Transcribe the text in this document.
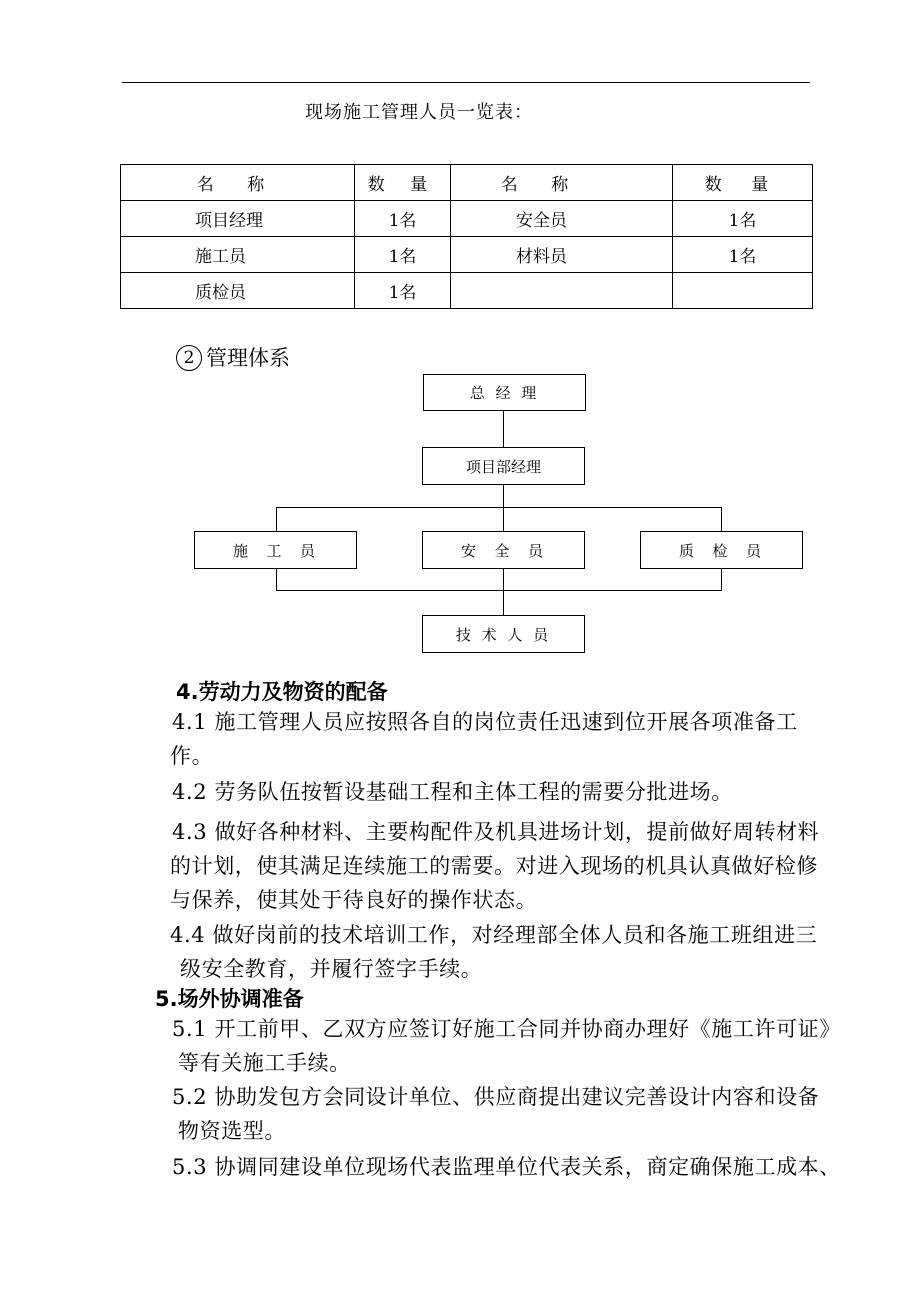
现场施工管理人员一览表：
名 称	数 量	名 称	数 量
项目经理	1名	安全员	1名
施工员	1名	材料员	1名
质检员	1名		
2 管理体系
总 经 理
项目部经理
施  工  员	安  全  员	质  检  员
技 术 人 员
4.劳动力及物资的配备
4.1 施工管理人员应按照各自的岗位责任迅速到位开展各项准备工
作。
4.2 劳务队伍按暂设基础工程和主体工程的需要分批进场。
4.3 做好各种材料、主要构配件及机具进场计划，提前做好周转材料
的计划，使其满足连续施工的需要。对进入现场的机具认真做好检修
与保养，使其处于待良好的操作状态。
4.4 做好岗前的技术培训工作，对经理部全体人员和各施工班组进三
级安全教育，并履行签字手续。
5.场外协调准备
5.1 开工前甲、乙双方应签订好施工合同并协商办理好《施工许可证》
等有关施工手续。
5.2 协助发包方会同设计单位、供应商提出建议完善设计内容和设备
物资选型。
5.3 协调同建设单位现场代表监理单位代表关系，商定确保施工成本、
